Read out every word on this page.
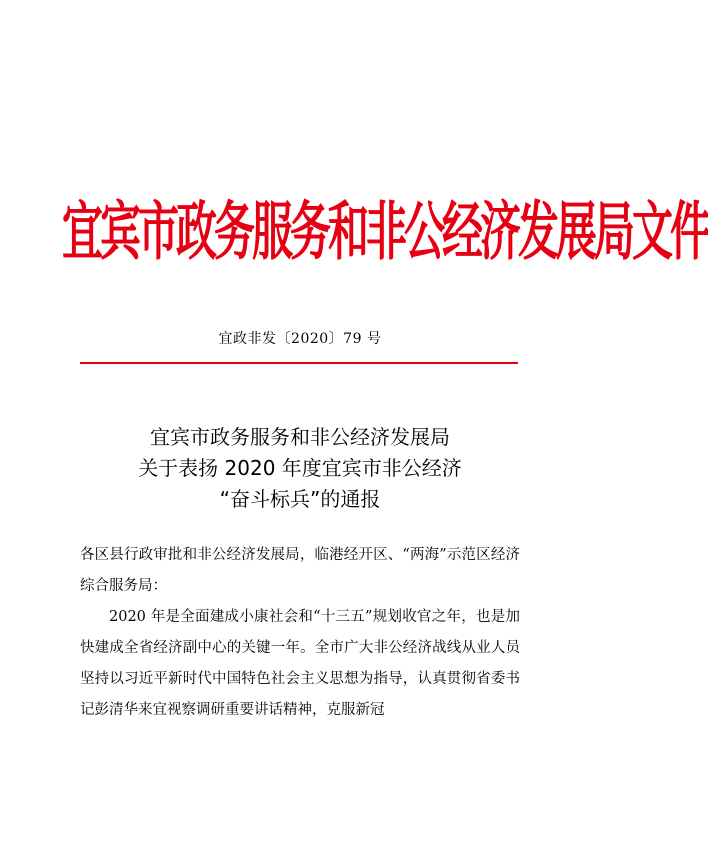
宜宾市政务服务和非公经济发展局文件
宜政非发〔2020〕79 号
宜宾市政务服务和非公经济发展局
关于表扬 2020 年度宜宾市非公经济
“奋斗标兵”的通报

各区县行政审批和非公经济发展局，临港经开区、“两海”示范区经济综合服务局：

2020 年是全面建成小康社会和“十三五”规划收官之年，也是加快建成全省经济副中心的关键一年。全市广大非公经济战线从业人员坚持以习近平新时代中国特色社会主义思想为指导，认真贯彻省委书记彭清华来宜视察调研重要讲话精神，克服新冠
